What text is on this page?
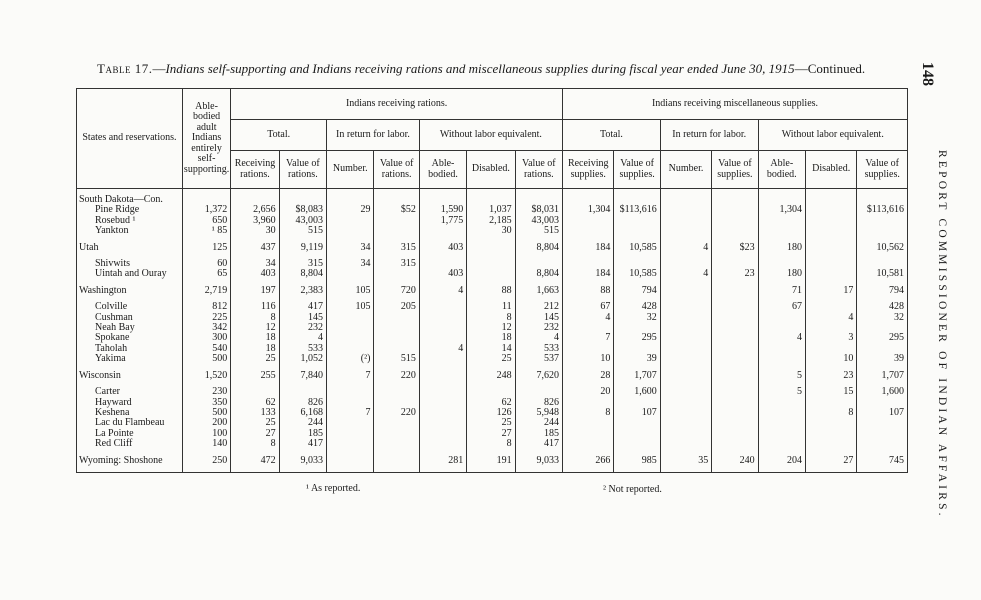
Table 17.—Indians self-supporting and Indians receiving rations and miscellaneous supplies during fiscal year ended June 30, 1915—Continued.	148
REPORT COMMISSIONER OF INDIAN AFFAIRS.
States and reservations.	Able-bodied adult Indians entirely self-supporting.	Indians receiving rations.							Indians receiving miscellaneous supplies.						
		Total.		In return for labor.		Without labor equivalent.			Total.		In return for labor.		Without labor equivalent.		
		Receiving rations.	Value of rations.	Number.	Value of rations.	Able-bodied.	Disabled.	Value of rations.	Receiving supplies.	Value of supplies.	Number.	Value of supplies.	Able-bodied.	Disabled.	Value of supplies.
South Dakota—Con.															
Pine Ridge	1,372	2,656	$8,083	29	$52	1,590	1,037	$8,031	1,304	$113,616			1,304		$113,616
Rosebud ¹	650	3,960	43,003			1,775	2,185	43,003							
Yankton	¹ 85	30	515				30	515							

Utah	125	437	9,119	34	315	403		8,804	184	10,585	4	$23	180		10,562

Shivwits	60	34	315	34	315										
Uintah and Ouray	65	403	8,804			403		8,804	184	10,585	4	23	180		10,581

Washington	2,719	197	2,383	105	720	4	88	1,663	88	794			71	17	794

Colville	812	116	417	105	205		11	212	67	428			67		428
Cushman	225	8	145				8	145	4	32				4	32
Neah Bay	342	12	232				12	232							
Spokane	300	18	4				18	4	7	295			4	3	295
Taholah	540	18	533			4	14	533							
Yakima	500	25	1,052	(²)	515		25	537	10	39				10	39

Wisconsin	1,520	255	7,840	7	220		248	7,620	28	1,707			5	23	1,707

Carter	230								20	1,600			5	15	1,600
Hayward	350	62	826				62	826							
Keshena	500	133	6,168	7	220		126	5,948	8	107				8	107
Lac du Flambeau	200	25	244				25	244							
La Pointe	100	27	185				27	185							
Red Cliff	140	8	417				8	417							

Wyoming: Shoshone	250	472	9,033			281	191	9,033	266	985	35	240	204	27	745
¹ As reported.	² Not reported.
